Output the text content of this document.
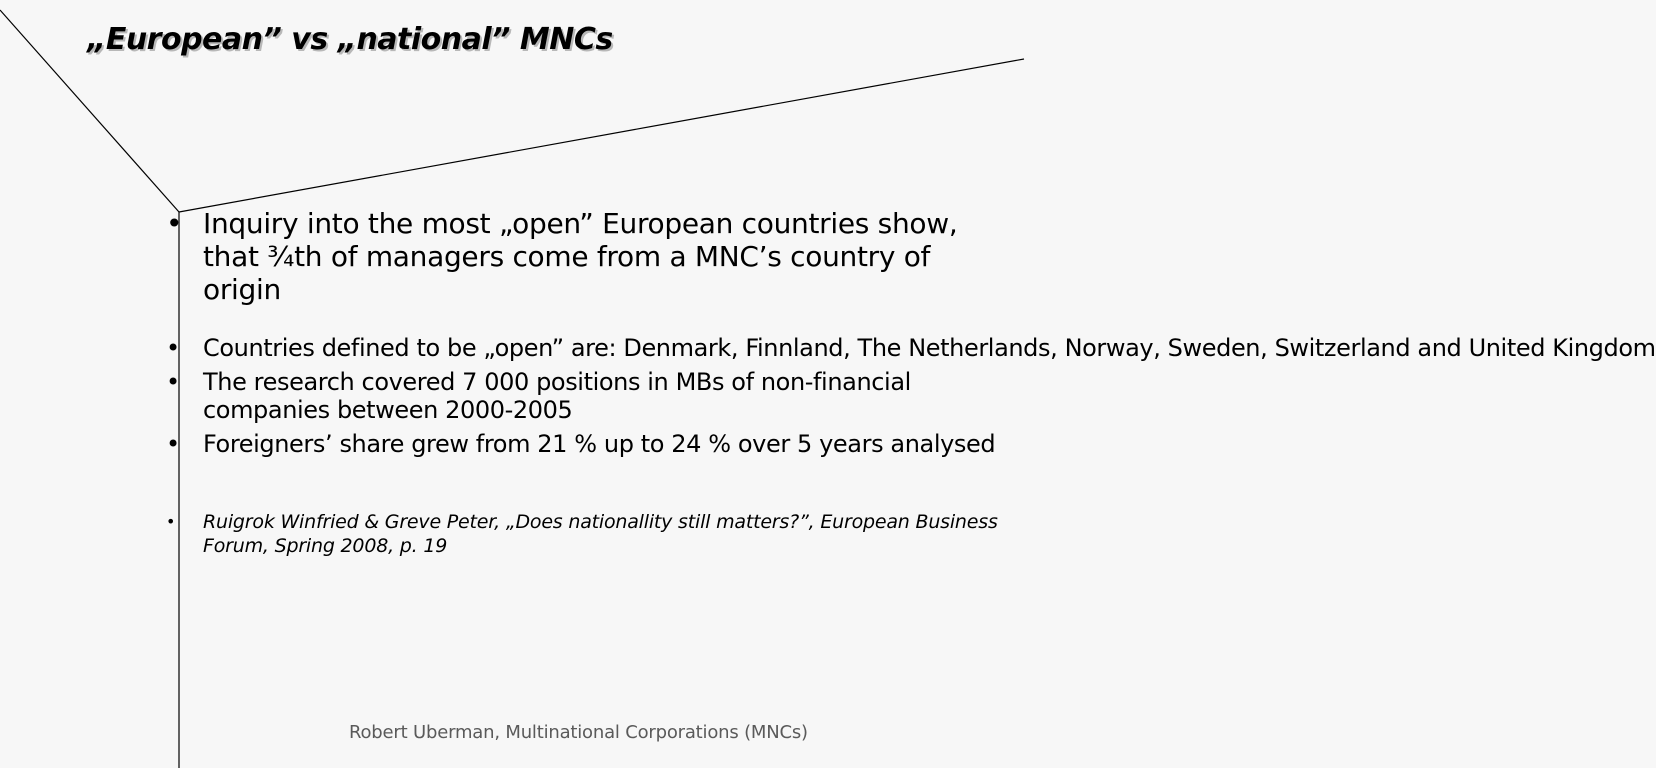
„European” vs „national” MNCs
• Inquiry into the most „open” European countries show, that ¾th of managers come from a MNC’s country of origin
• Countries defined to be „open” are: Denmark, Finnland, The Netherlands, Norway, Sweden, Switzerland and United Kingdom
• The research covered 7 000 positions in MBs of non-financial companies between 2000-2005
• Foreigners’ share grew from 21 % up to 24 % over 5 years analysed
• Ruigrok Winfried & Greve Peter, „Does nationallity still matters?”, European Business Forum, Spring 2008, p. 19
Robert Uberman, Multinational Corporations (MNCs)
